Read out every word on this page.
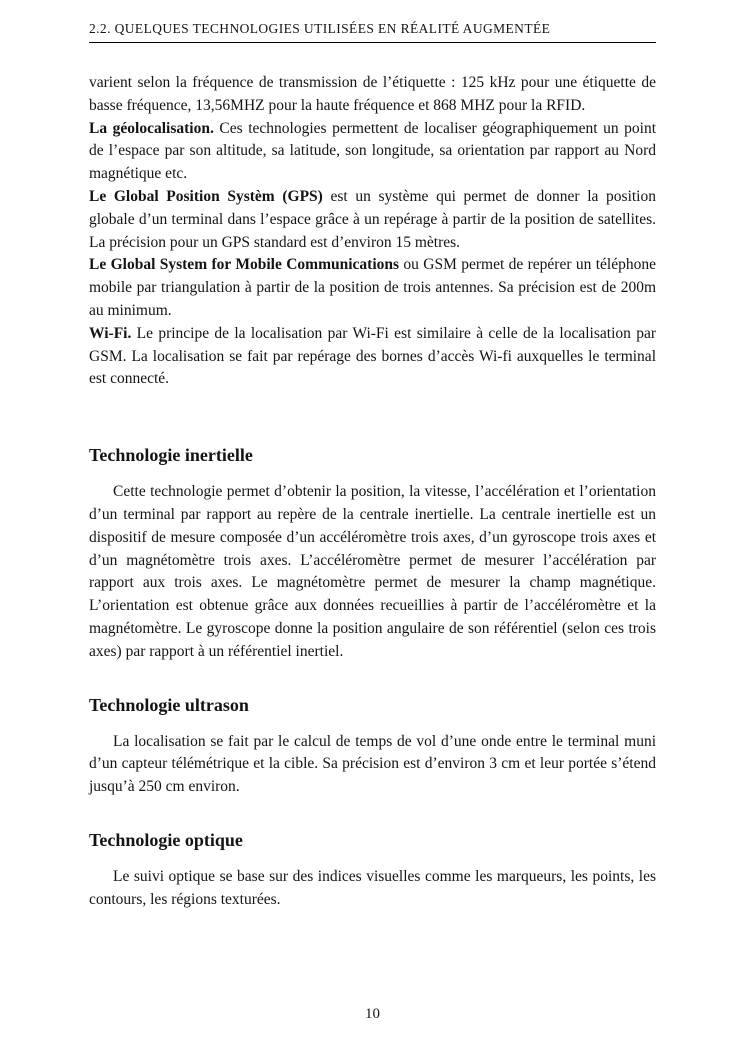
2.2. QUELQUES TECHNOLOGIES UTILISÉES EN RÉALITÉ AUGMENTÉE

varient selon la fréquence de transmission de l’étiquette : 125 kHz pour une étiquette de basse fréquence, 13,56MHZ pour la haute fréquence et 868 MHZ pour la RFID.

La géolocalisation. Ces technologies permettent de localiser géographiquement un point de l’espace par son altitude, sa latitude, son longitude, sa orientation par rapport au Nord magnétique etc.

Le Global Position Systèm (GPS) est un système qui permet de donner la position globale d’un terminal dans l’espace grâce à un repérage à partir de la position de satellites. La précision pour un GPS standard est d’environ 15 mètres.

Le Global System for Mobile Communications ou GSM permet de repérer un téléphone mobile par triangulation à partir de la position de trois antennes. Sa précision est de 200m au minimum.

Wi-Fi. Le principe de la localisation par Wi-Fi est similaire à celle de la localisation par GSM. La localisation se fait par repérage des bornes d’accès Wi-fi auxquelles le terminal est connecté.

Technologie inertielle

Cette technologie permet d’obtenir la position, la vitesse, l’accélération et l’orientation d’un terminal par rapport au repère de la centrale inertielle. La centrale inertielle est un dispositif de mesure composée d’un accéléromètre trois axes, d’un gyroscope trois axes et d’un magnétomètre trois axes. L’accéléromètre permet de mesurer l’accélération par rapport aux trois axes. Le magnétomètre permet de mesurer la champ magnétique. L’orientation est obtenue grâce aux données recueillies à partir de l’accéléromètre et la magnétomètre. Le gyroscope donne la position angulaire de son référentiel (selon ces trois axes) par rapport à un référentiel inertiel.

Technologie ultrason

La localisation se fait par le calcul de temps de vol d’une onde entre le terminal muni d’un capteur télémétrique et la cible. Sa précision est d’environ 3 cm et leur portée s’étend jusqu’à 250 cm environ.

Technologie optique

Le suivi optique se base sur des indices visuelles comme les marqueurs, les points, les contours, les régions texturées.

10
